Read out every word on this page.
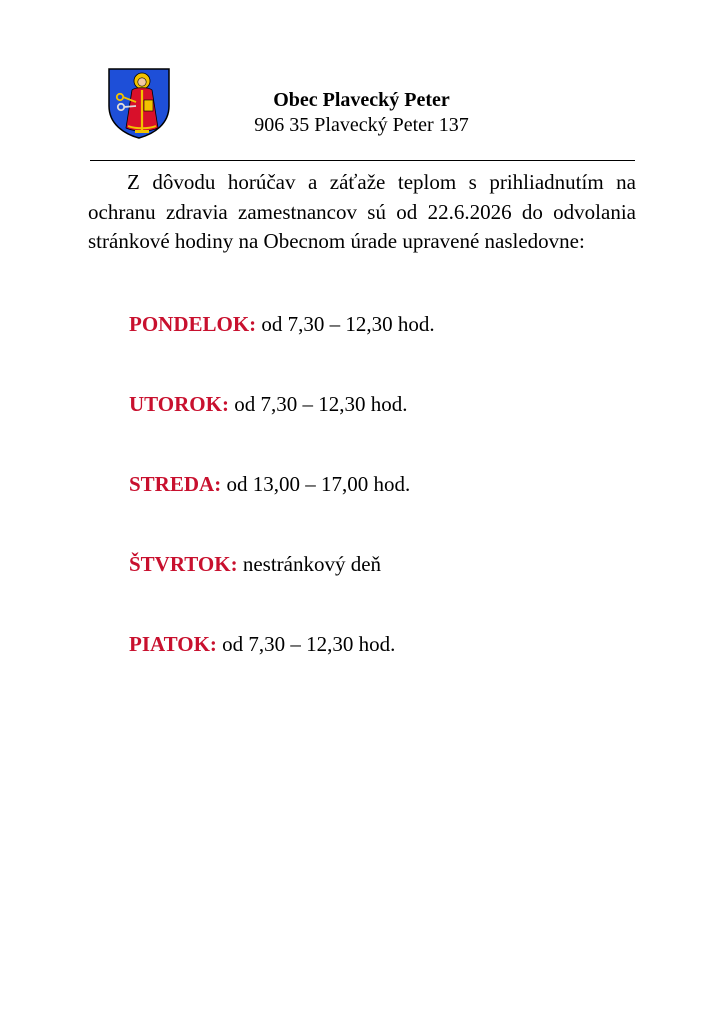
Obec Plavecký Peter
906 35 Plavecký Peter 137

Z dôvodu horúčav a záťaže teplom s prihliadnutím na ochranu zdravia zamestnancov sú od 22.6.2026 do odvolania stránkové hodiny na Obecnom úrade upravené nasledovne:

PONDELOK: od 7,30 – 12,30 hod.
UTOROK: od 7,30 – 12,30 hod.
STREDA: od 13,00 – 17,00 hod.
ŠTVRTOK: nestránkový deň
PIATOK: od 7,30 – 12,30 hod.
